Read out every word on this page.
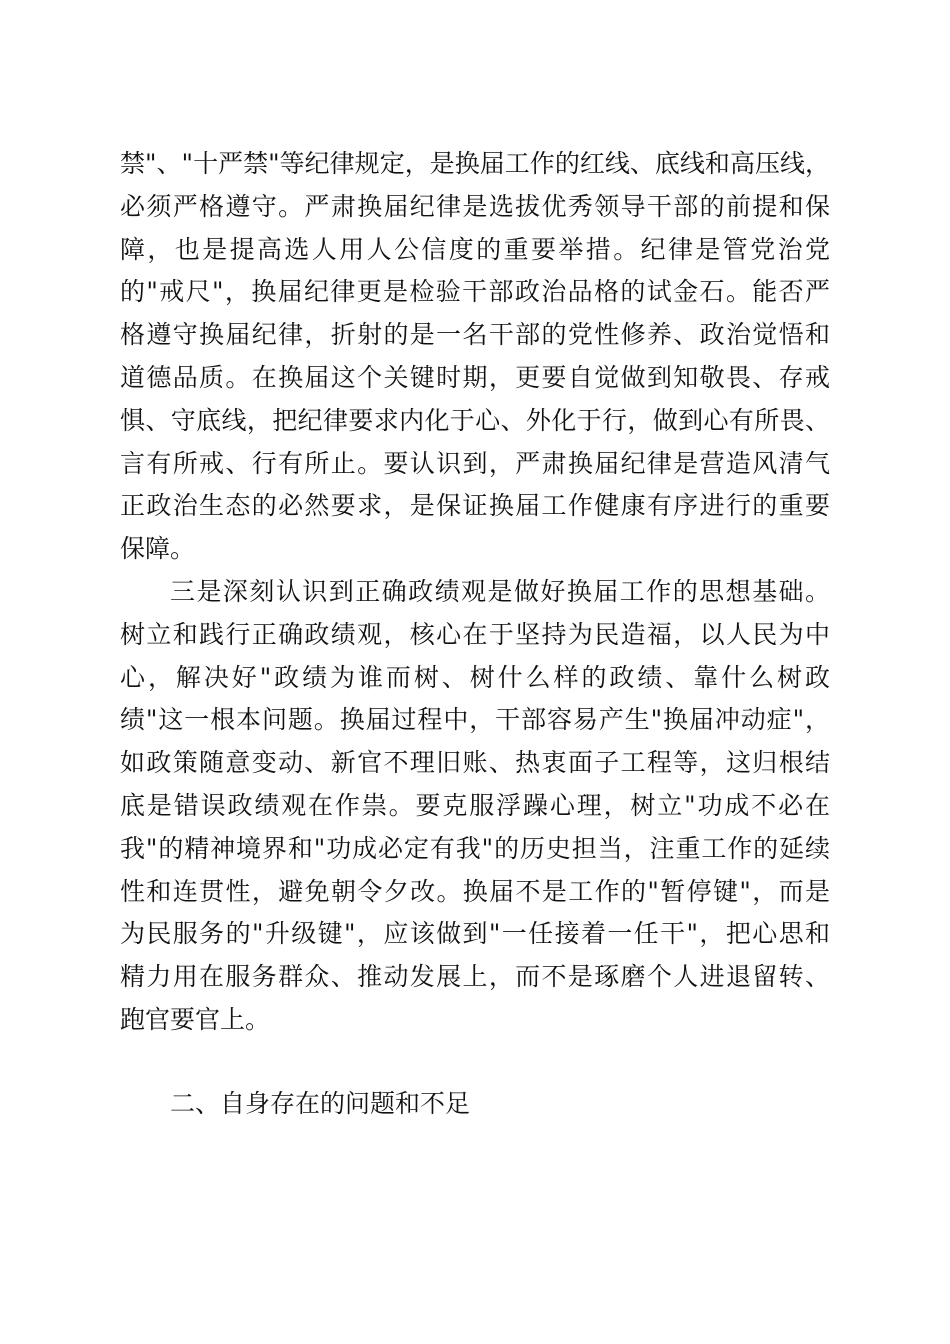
禁"、"十严禁"等纪律规定，是换届工作的红线、底线和高压线，
必须严格遵守。严肃换届纪律是选拔优秀领导干部的前提和保
障，也是提高选人用人公信度的重要举措。纪律是管党治党
的"戒尺"，换届纪律更是检验干部政治品格的试金石。能否严
格遵守换届纪律，折射的是一名干部的党性修养、政治觉悟和
道德品质。在换届这个关键时期，更要自觉做到知敬畏、存戒
惧、守底线，把纪律要求内化于心、外化于行，做到心有所畏、
言有所戒、行有所止。要认识到，严肃换届纪律是营造风清气
正政治生态的必然要求，是保证换届工作健康有序进行的重要
保障。
三是深刻认识到正确政绩观是做好换届工作的思想基础。
树立和践行正确政绩观，核心在于坚持为民造福，以人民为中
心，解决好"政绩为谁而树、树什么样的政绩、靠什么树政
绩"这一根本问题。换届过程中，干部容易产生"换届冲动症"，
如政策随意变动、新官不理旧账、热衷面子工程等，这归根结
底是错误政绩观在作祟。要克服浮躁心理，树立"功成不必在
我"的精神境界和"功成必定有我"的历史担当，注重工作的延续
性和连贯性，避免朝令夕改。换届不是工作的"暂停键"，而是
为民服务的"升级键"，应该做到"一任接着一任干"，把心思和
精力用在服务群众、推动发展上，而不是琢磨个人进退留转、
跑官要官上。
二、自身存在的问题和不足
